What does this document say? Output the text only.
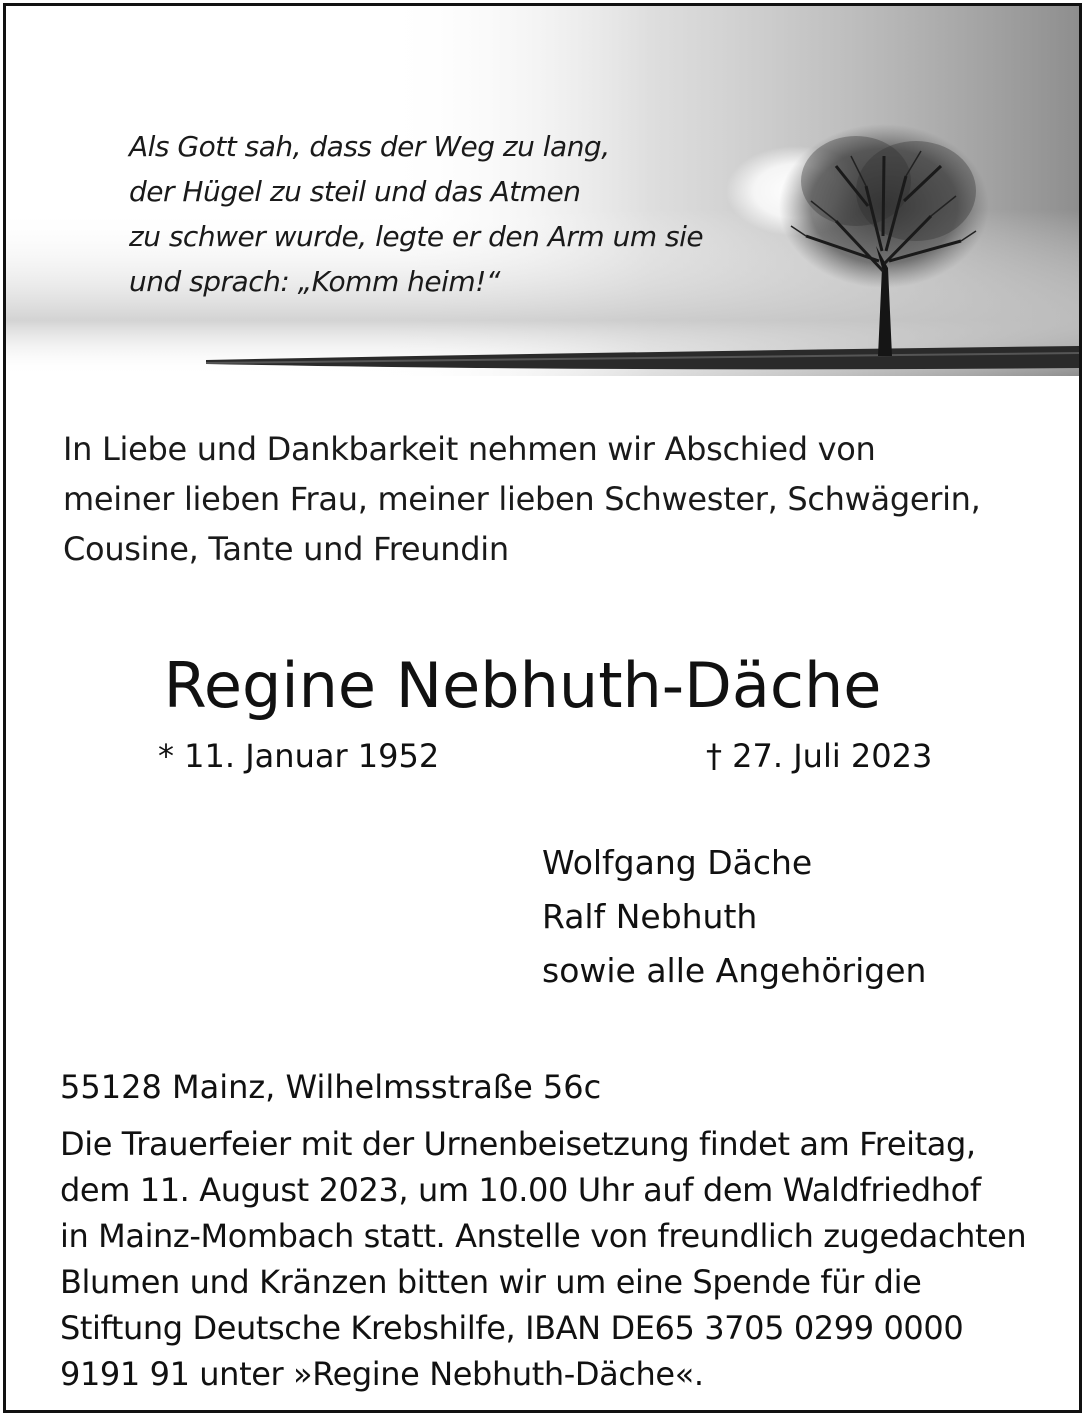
Als Gott sah, dass der Weg zu lang,
der Hügel zu steil und das Atmen
zu schwer wurde, legte er den Arm um sie
und sprach: „Komm heim!“
In Liebe und Dankbarkeit nehmen wir Abschied von
meiner lieben Frau, meiner lieben Schwester, Schwägerin,
Cousine, Tante und Freundin
Regine Nebhuth-Däche
* 11. Januar 1952	† 27. Juli 2023
Wolfgang Däche
Ralf Nebhuth
sowie alle Angehörigen
55128 Mainz, Wilhelmsstraße 56c
Die Trauerfeier mit der Urnenbeisetzung findet am Freitag,
dem 11. August 2023, um 10.00 Uhr auf dem Waldfriedhof
in Mainz-Mombach statt. Anstelle von freundlich zugedachten
Blumen und Kränzen bitten wir um eine Spende für die
Stiftung Deutsche Krebshilfe, IBAN DE65 3705 0299 0000
9191 91 unter »Regine Nebhuth-Däche«.
